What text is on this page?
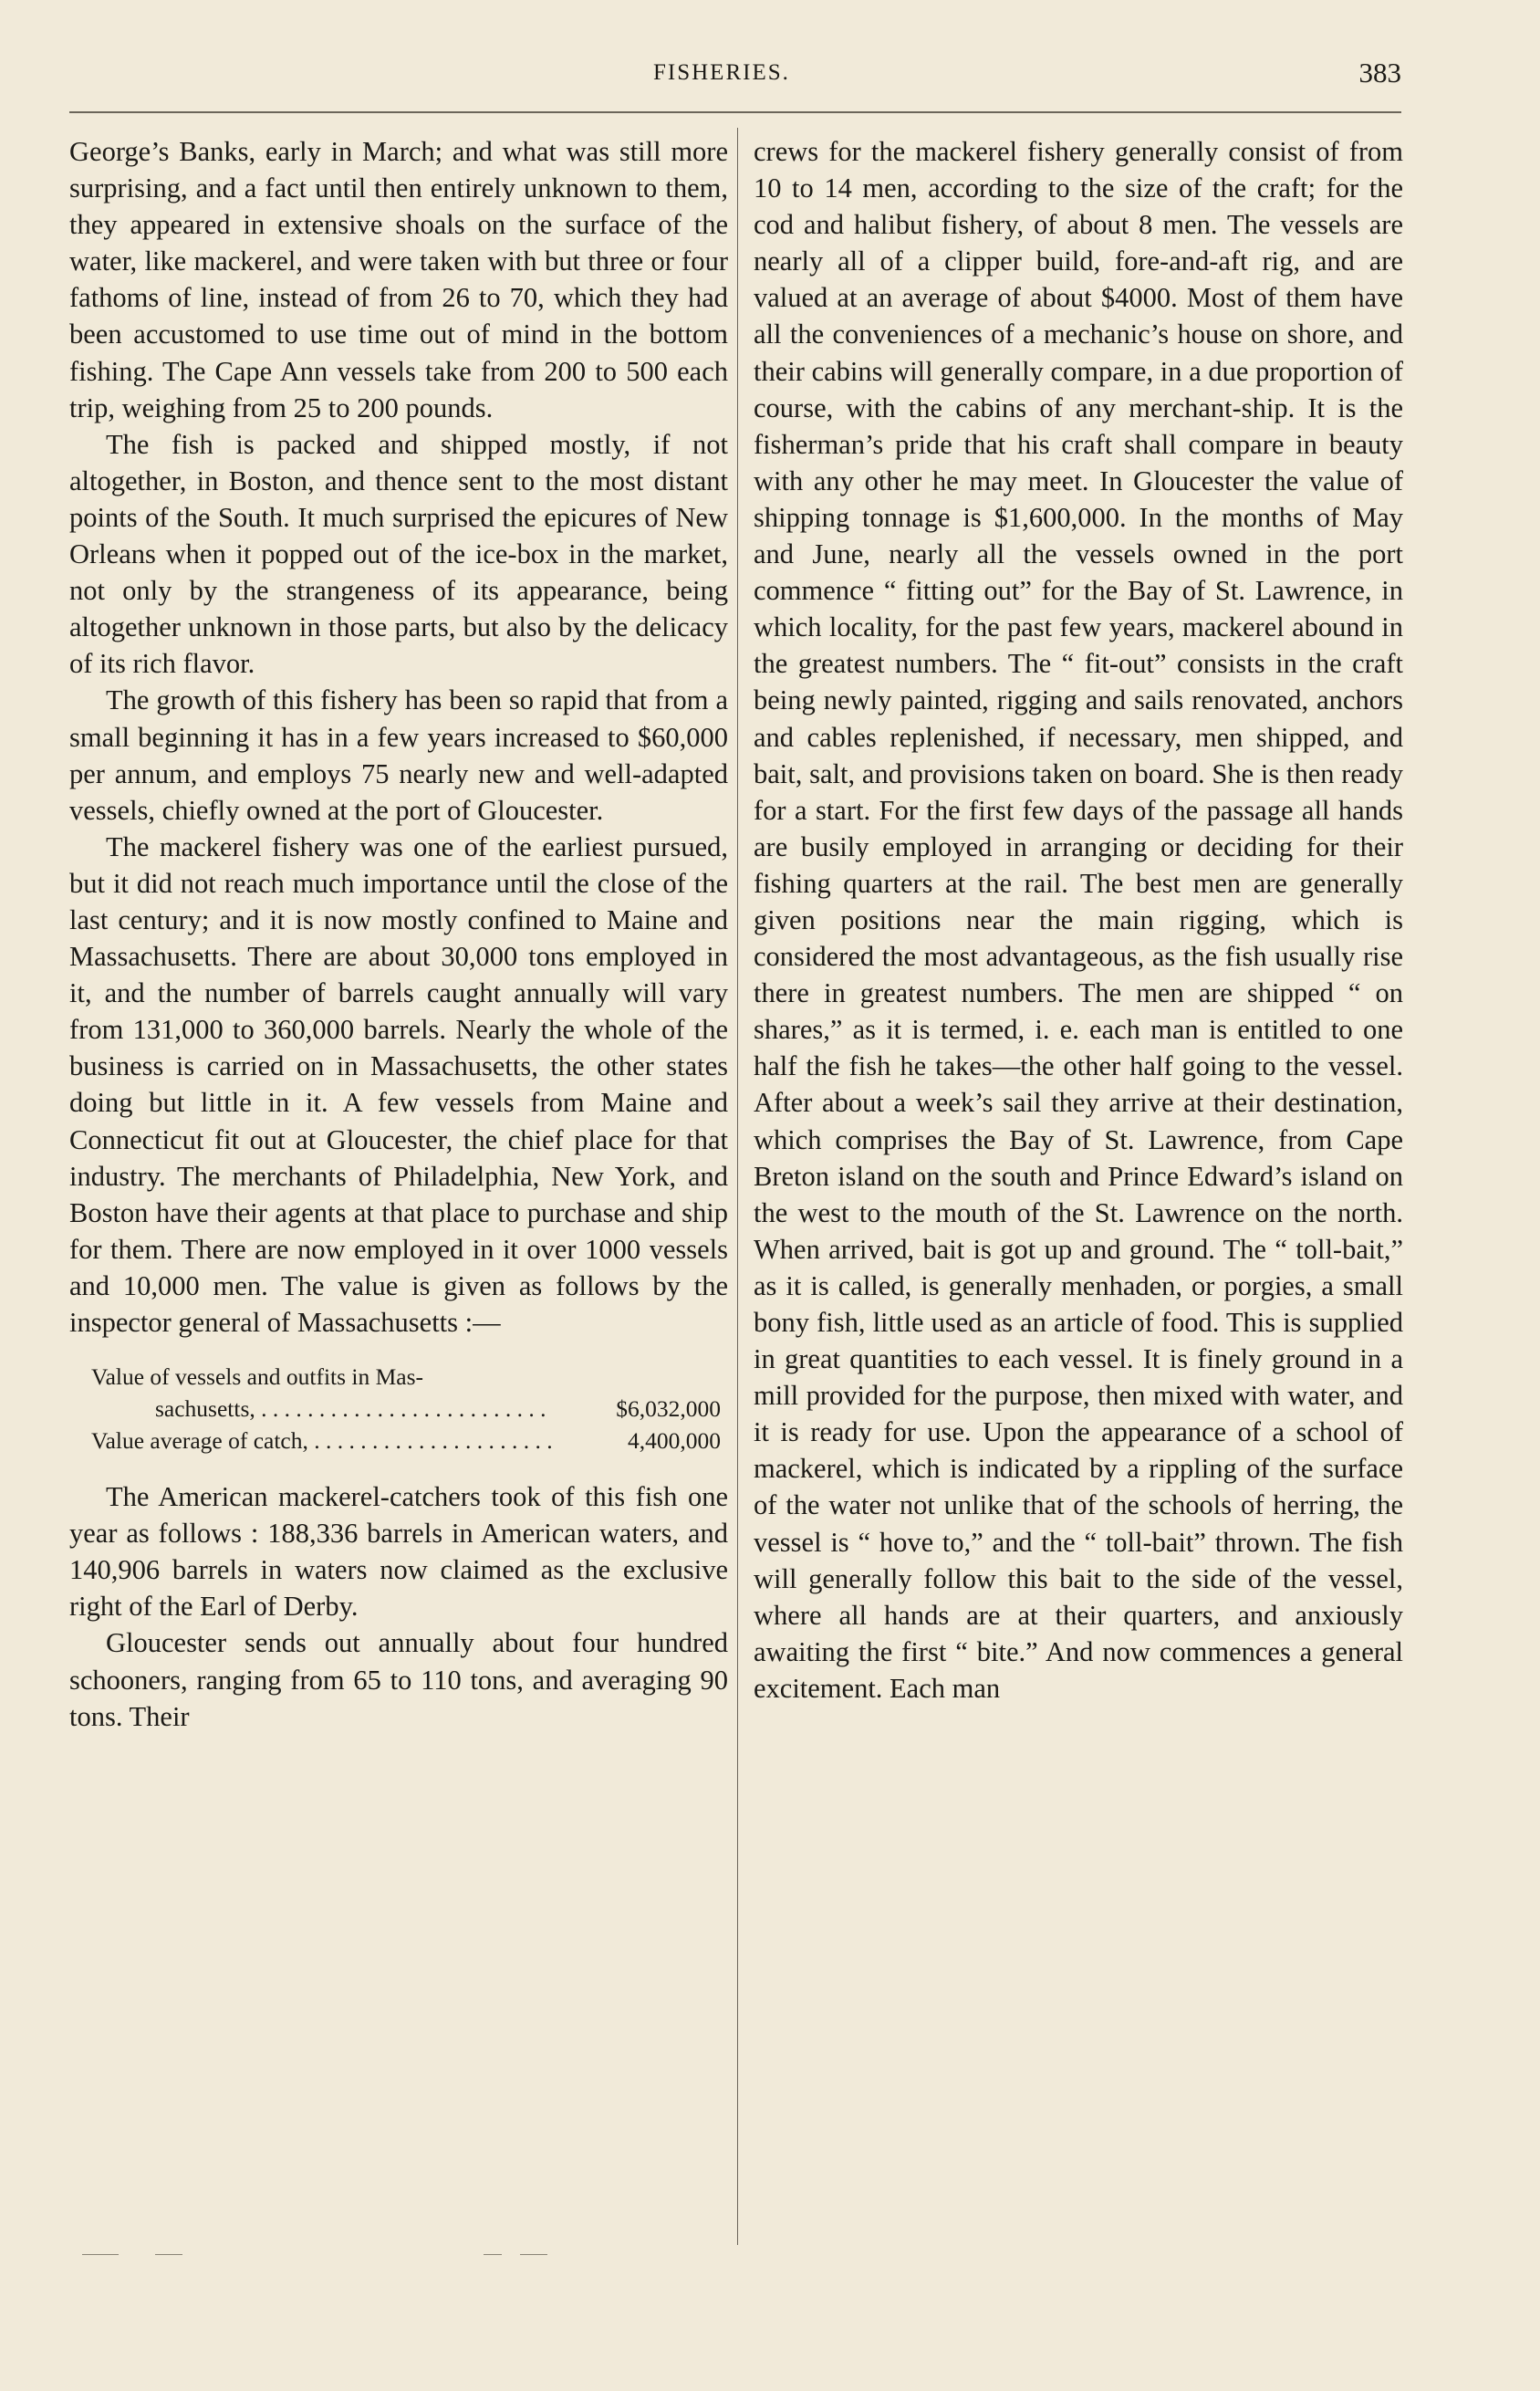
FISHERIES.	383

George’s Banks, early in March; and what was still more surprising, and a fact until then entirely unknown to them, they appeared in extensive shoals on the surface of the water, like mackerel, and were taken with but three or four fathoms of line, instead of from 26 to 70, which they had been accustomed to use time out of mind in the bottom fishing. The Cape Ann vessels take from 200 to 500 each trip, weighing from 25 to 200 pounds.

The fish is packed and shipped mostly, if not altogether, in Boston, and thence sent to the most distant points of the South. It much surprised the epicures of New Orleans when it popped out of the ice-box in the market, not only by the strangeness of its appearance, being altogether unknown in those parts, but also by the delicacy of its rich flavor.

The growth of this fishery has been so rapid that from a small beginning it has in a few years increased to $60,000 per annum, and employs 75 nearly new and well-adapted vessels, chiefly owned at the port of Gloucester.

The mackerel fishery was one of the earliest pursued, but it did not reach much importance until the close of the last century; and it is now mostly confined to Maine and Massachusetts. There are about 30,000 tons employed in it, and the number of barrels caught annually will vary from 131,000 to 360,000 barrels. Nearly the whole of the business is carried on in Massachusetts, the other states doing but little in it. A few vessels from Maine and Connecticut fit out at Gloucester, the chief place for that industry. The merchants of Philadelphia, New York, and Boston have their agents at that place to purchase and ship for them. There are now employed in it over 1000 vessels and 10,000 men. The value is given as follows by the inspector general of Massachusetts :—

Value of vessels and outfits in Mas-
sachusetts, . . .	$6,032,000
Value average of catch, . . .	4,400,000

The American mackerel-catchers took of this fish one year as follows : 188,336 barrels in American waters, and 140,906 barrels in waters now claimed as the exclusive right of the Earl of Derby.

Gloucester sends out annually about four hundred schooners, ranging from 65 to 110 tons, and averaging 90 tons. Their

crews for the mackerel fishery generally consist of from 10 to 14 men, according to the size of the craft; for the cod and halibut fishery, of about 8 men. The vessels are nearly all of a clipper build, fore-and-aft rig, and are valued at an average of about $4000. Most of them have all the conveniences of a mechanic’s house on shore, and their cabins will generally compare, in a due proportion of course, with the cabins of any merchant-ship. It is the fisherman’s pride that his craft shall compare in beauty with any other he may meet. In Gloucester the value of shipping tonnage is $1,600,000. In the months of May and June, nearly all the vessels owned in the port commence “ fitting out” for the Bay of St. Lawrence, in which locality, for the past few years, mackerel abound in the greatest numbers. The “ fit-out” consists in the craft being newly painted, rigging and sails renovated, anchors and cables replenished, if necessary, men shipped, and bait, salt, and provisions taken on board. She is then ready for a start. For the first few days of the passage all hands are busily employed in arranging or deciding for their fishing quarters at the rail. The best men are generally given positions near the main rigging, which is considered the most advantageous, as the fish usually rise there in greatest numbers. The men are shipped “ on shares,” as it is termed, i. e. each man is entitled to one half the fish he takes—the other half going to the vessel. After about a week’s sail they arrive at their destination, which comprises the Bay of St. Lawrence, from Cape Breton island on the south and Prince Edward’s island on the west to the mouth of the St. Lawrence on the north. When arrived, bait is got up and ground. The “ toll-bait,” as it is called, is generally menhaden, or porgies, a small bony fish, little used as an article of food. This is supplied in great quantities to each vessel. It is finely ground in a mill provided for the purpose, then mixed with water, and it is ready for use. Upon the appearance of a school of mackerel, which is indicated by a rippling of the surface of the water not unlike that of the schools of herring, the vessel is “ hove to,” and the “ toll-bait” thrown. The fish will generally follow this bait to the side of the vessel, where all hands are at their quarters, and anxiously awaiting the first “ bite.” And now commences a general excitement. Each man
